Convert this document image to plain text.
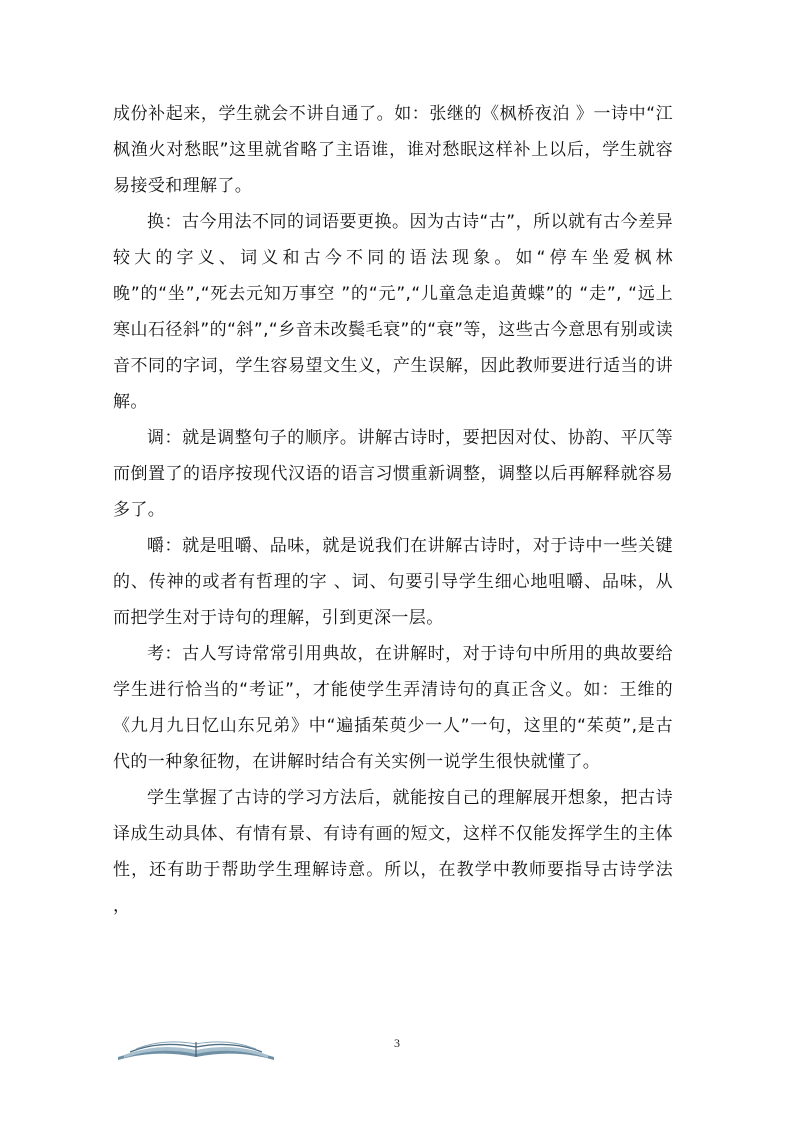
成份补起来，学生就会不讲自通了。如：张继的《枫桥夜泊 》一诗中“江枫渔火对愁眠”这里就省略了主语谁，谁对愁眠这样补上以后，学生就容易接受和理解了。

换：古今用法不同的词语要更换。因为古诗“古”，所以就有古今差异较大的字义、词义和古今不同的语法现象。如“停车坐爱枫林晚”的“坐”,“死去元知万事空 ”的“元”,“儿童急走追黄蝶”的 “走”, “远上寒山石径斜”的“斜”,“乡音未改鬓毛衰”的“衰”等，这些古今意思有别或读音不同的字词，学生容易望文生义，产生误解，因此教师要进行适当的讲解。

调：就是调整句子的顺序。讲解古诗时，要把因对仗、协韵、平仄等而倒置了的语序按现代汉语的语言习惯重新调整，调整以后再解释就容易多了。

嚼：就是咀嚼、品味，就是说我们在讲解古诗时，对于诗中一些关键的、传神的或者有哲理的字 、词、句要引导学生细心地咀嚼、品味，从而把学生对于诗句的理解，引到更深一层。

考：古人写诗常常引用典故，在讲解时，对于诗句中所用的典故要给学生进行恰当的“考证”，才能使学生弄清诗句的真正含义。如：王维的《九月九日忆山东兄弟》中“遍插茱萸少一人”一句，这里的“茱萸”,是古代的一种象征物，在讲解时结合有关实例一说学生很快就懂了。

学生掌握了古诗的学习方法后，就能按自己的理解展开想象，把古诗译成生动具体、有情有景、有诗有画的短文，这样不仅能发挥学生的主体性，还有助于帮助学生理解诗意。所以，在教学中教师要指导古诗学法 ，

3
